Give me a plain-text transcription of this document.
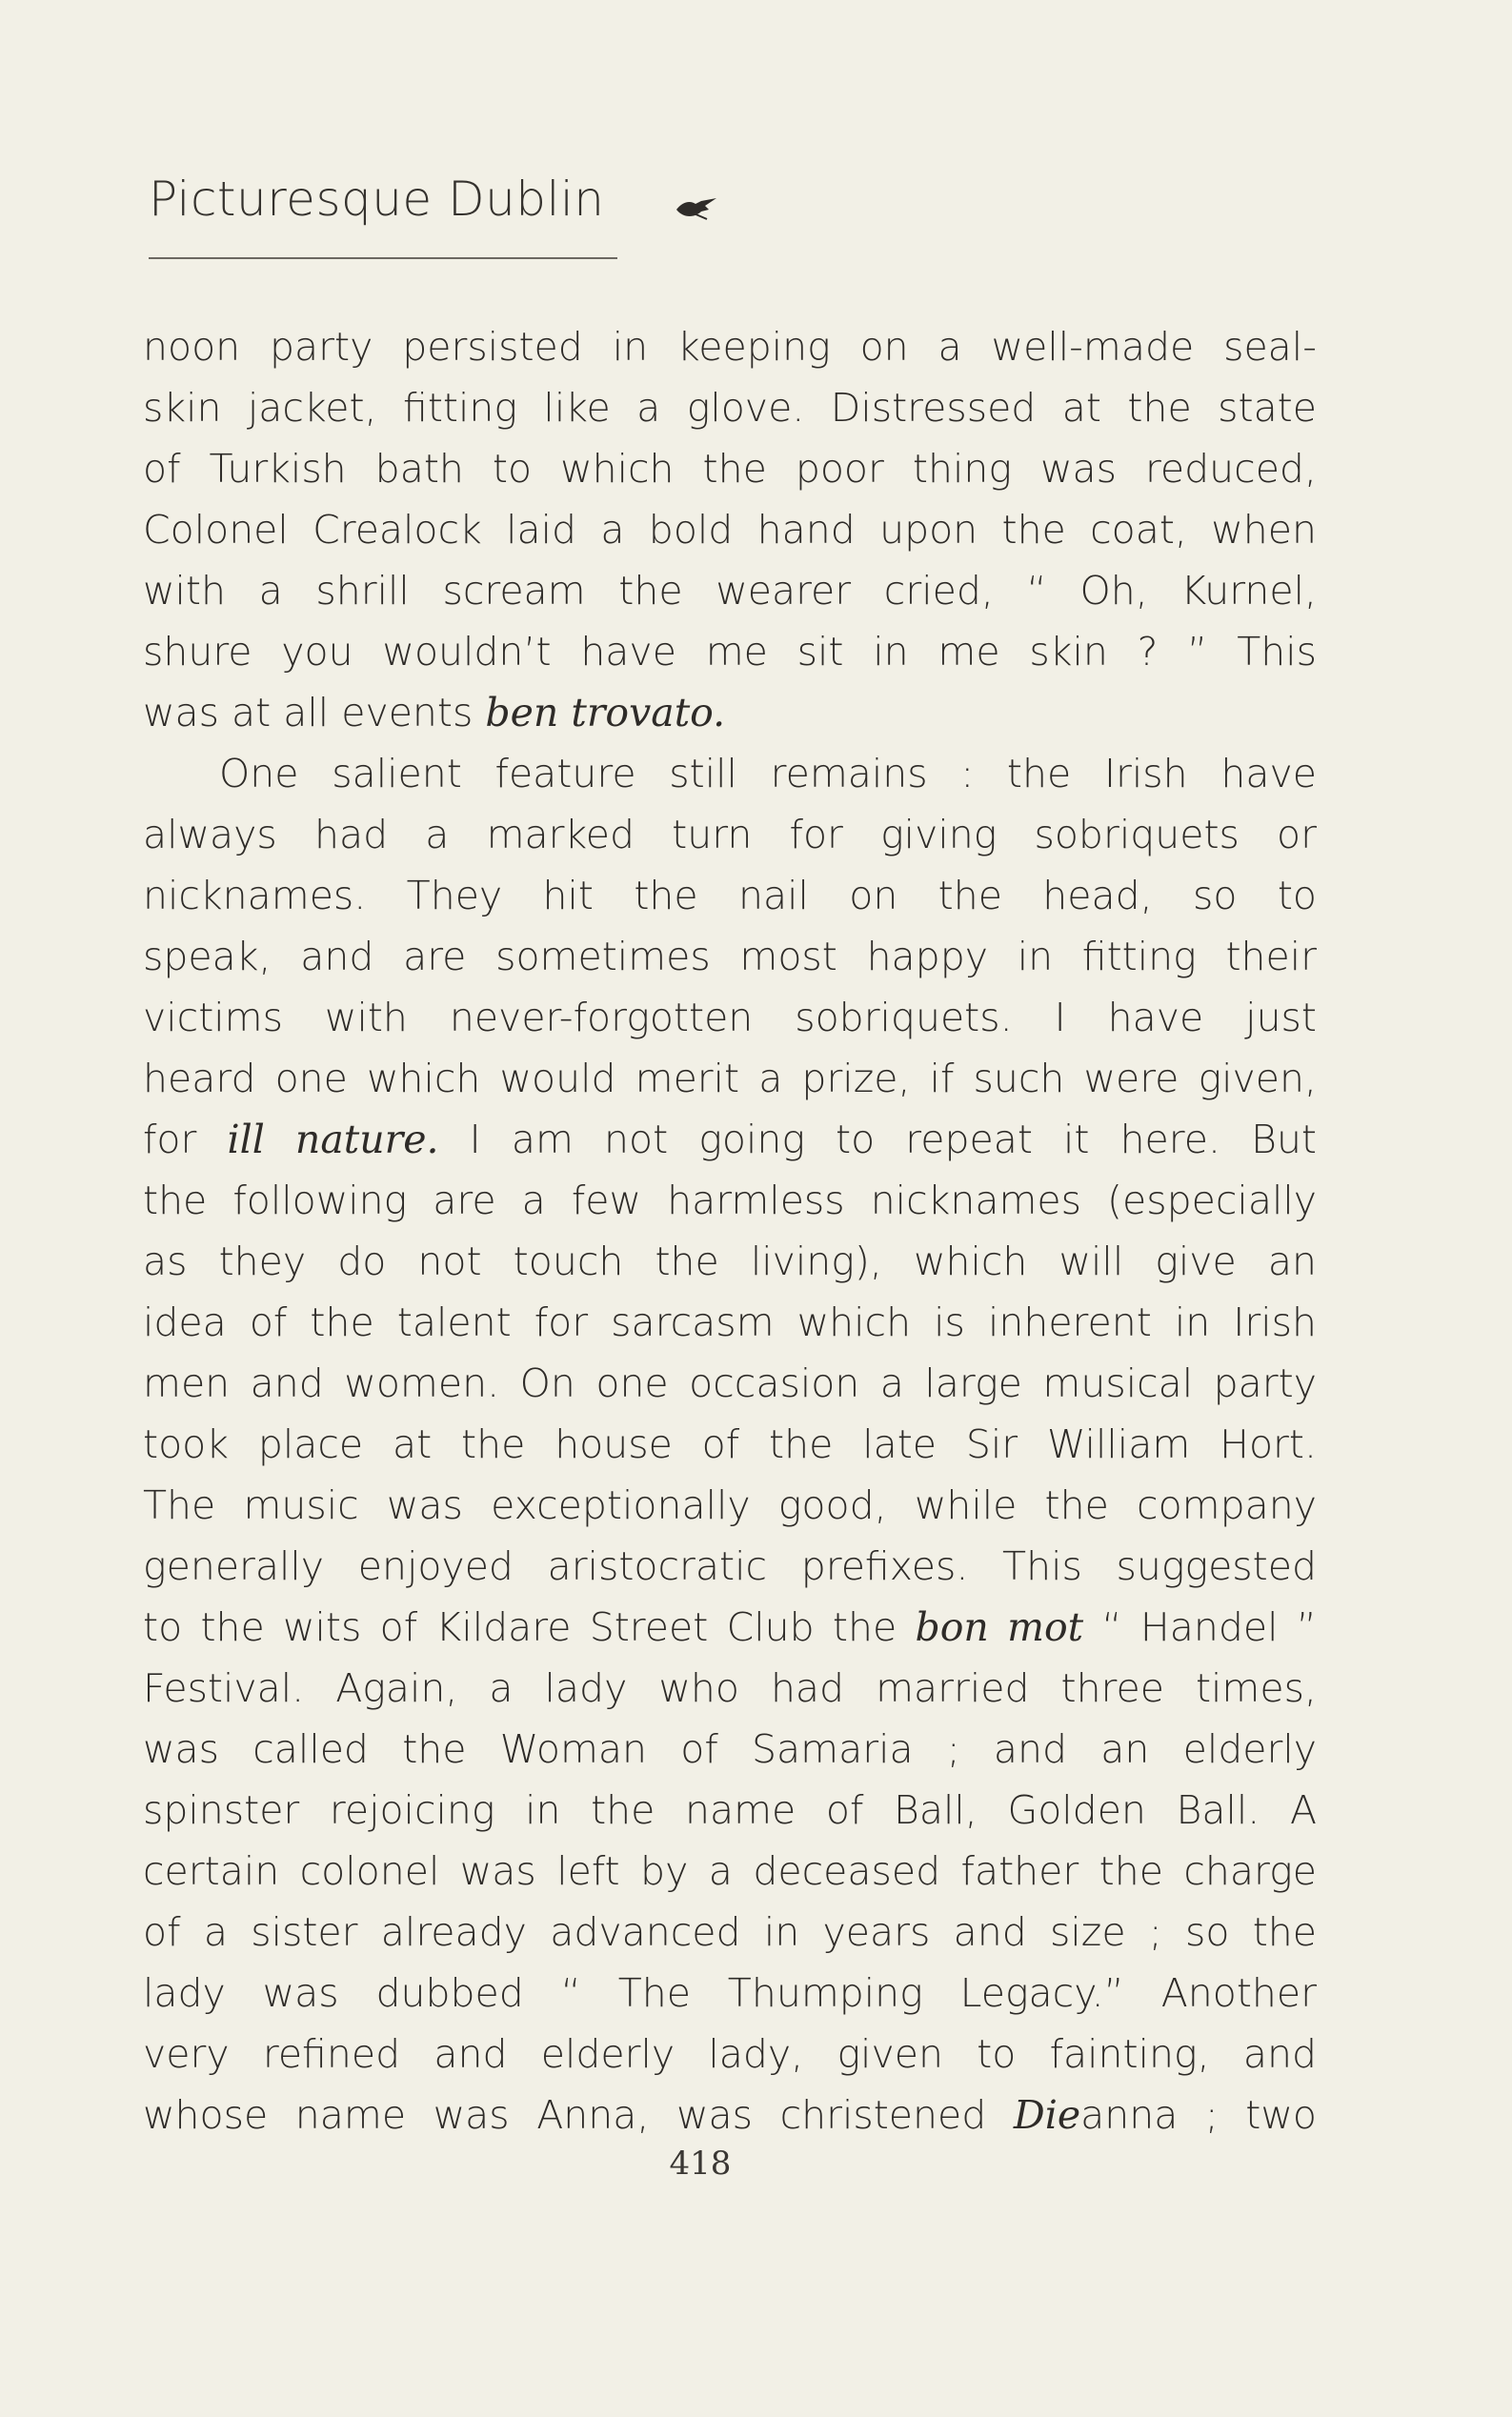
Picturesque Dublin
noon party persisted in keeping on a well-made seal-
skin jacket, fitting like a glove. Distressed at the state
of Turkish bath to which the poor thing was reduced,
Colonel Crealock laid a bold hand upon the coat, when
with a shrill scream the wearer cried, “ Oh, Kurnel,
shure you wouldn’t have me sit in me skin ? ” This
was at all events ben trovato.
One salient feature still remains : the Irish have
always had a marked turn for giving sobriquets or
nicknames. They hit the nail on the head, so to
speak, and are sometimes most happy in fitting their
victims with never-forgotten sobriquets. I have just
heard one which would merit a prize, if such were given,
for ill nature. I am not going to repeat it here. But
the following are a few harmless nicknames (especially
as they do not touch the living), which will give an
idea of the talent for sarcasm which is inherent in Irish
men and women. On one occasion a large musical party
took place at the house of the late Sir William Hort.
The music was exceptionally good, while the company
generally enjoyed aristocratic prefixes. This suggested
to the wits of Kildare Street Club the bon mot “ Handel ”
Festival. Again, a lady who had married three times,
was called the Woman of Samaria ; and an elderly
spinster rejoicing in the name of Ball, Golden Ball. A
certain colonel was left by a deceased father the charge
of a sister already advanced in years and size ; so the
lady was dubbed “ The Thumping Legacy.” Another
very refined and elderly lady, given to fainting, and
whose name was Anna, was christened Dieanna ; two
418
